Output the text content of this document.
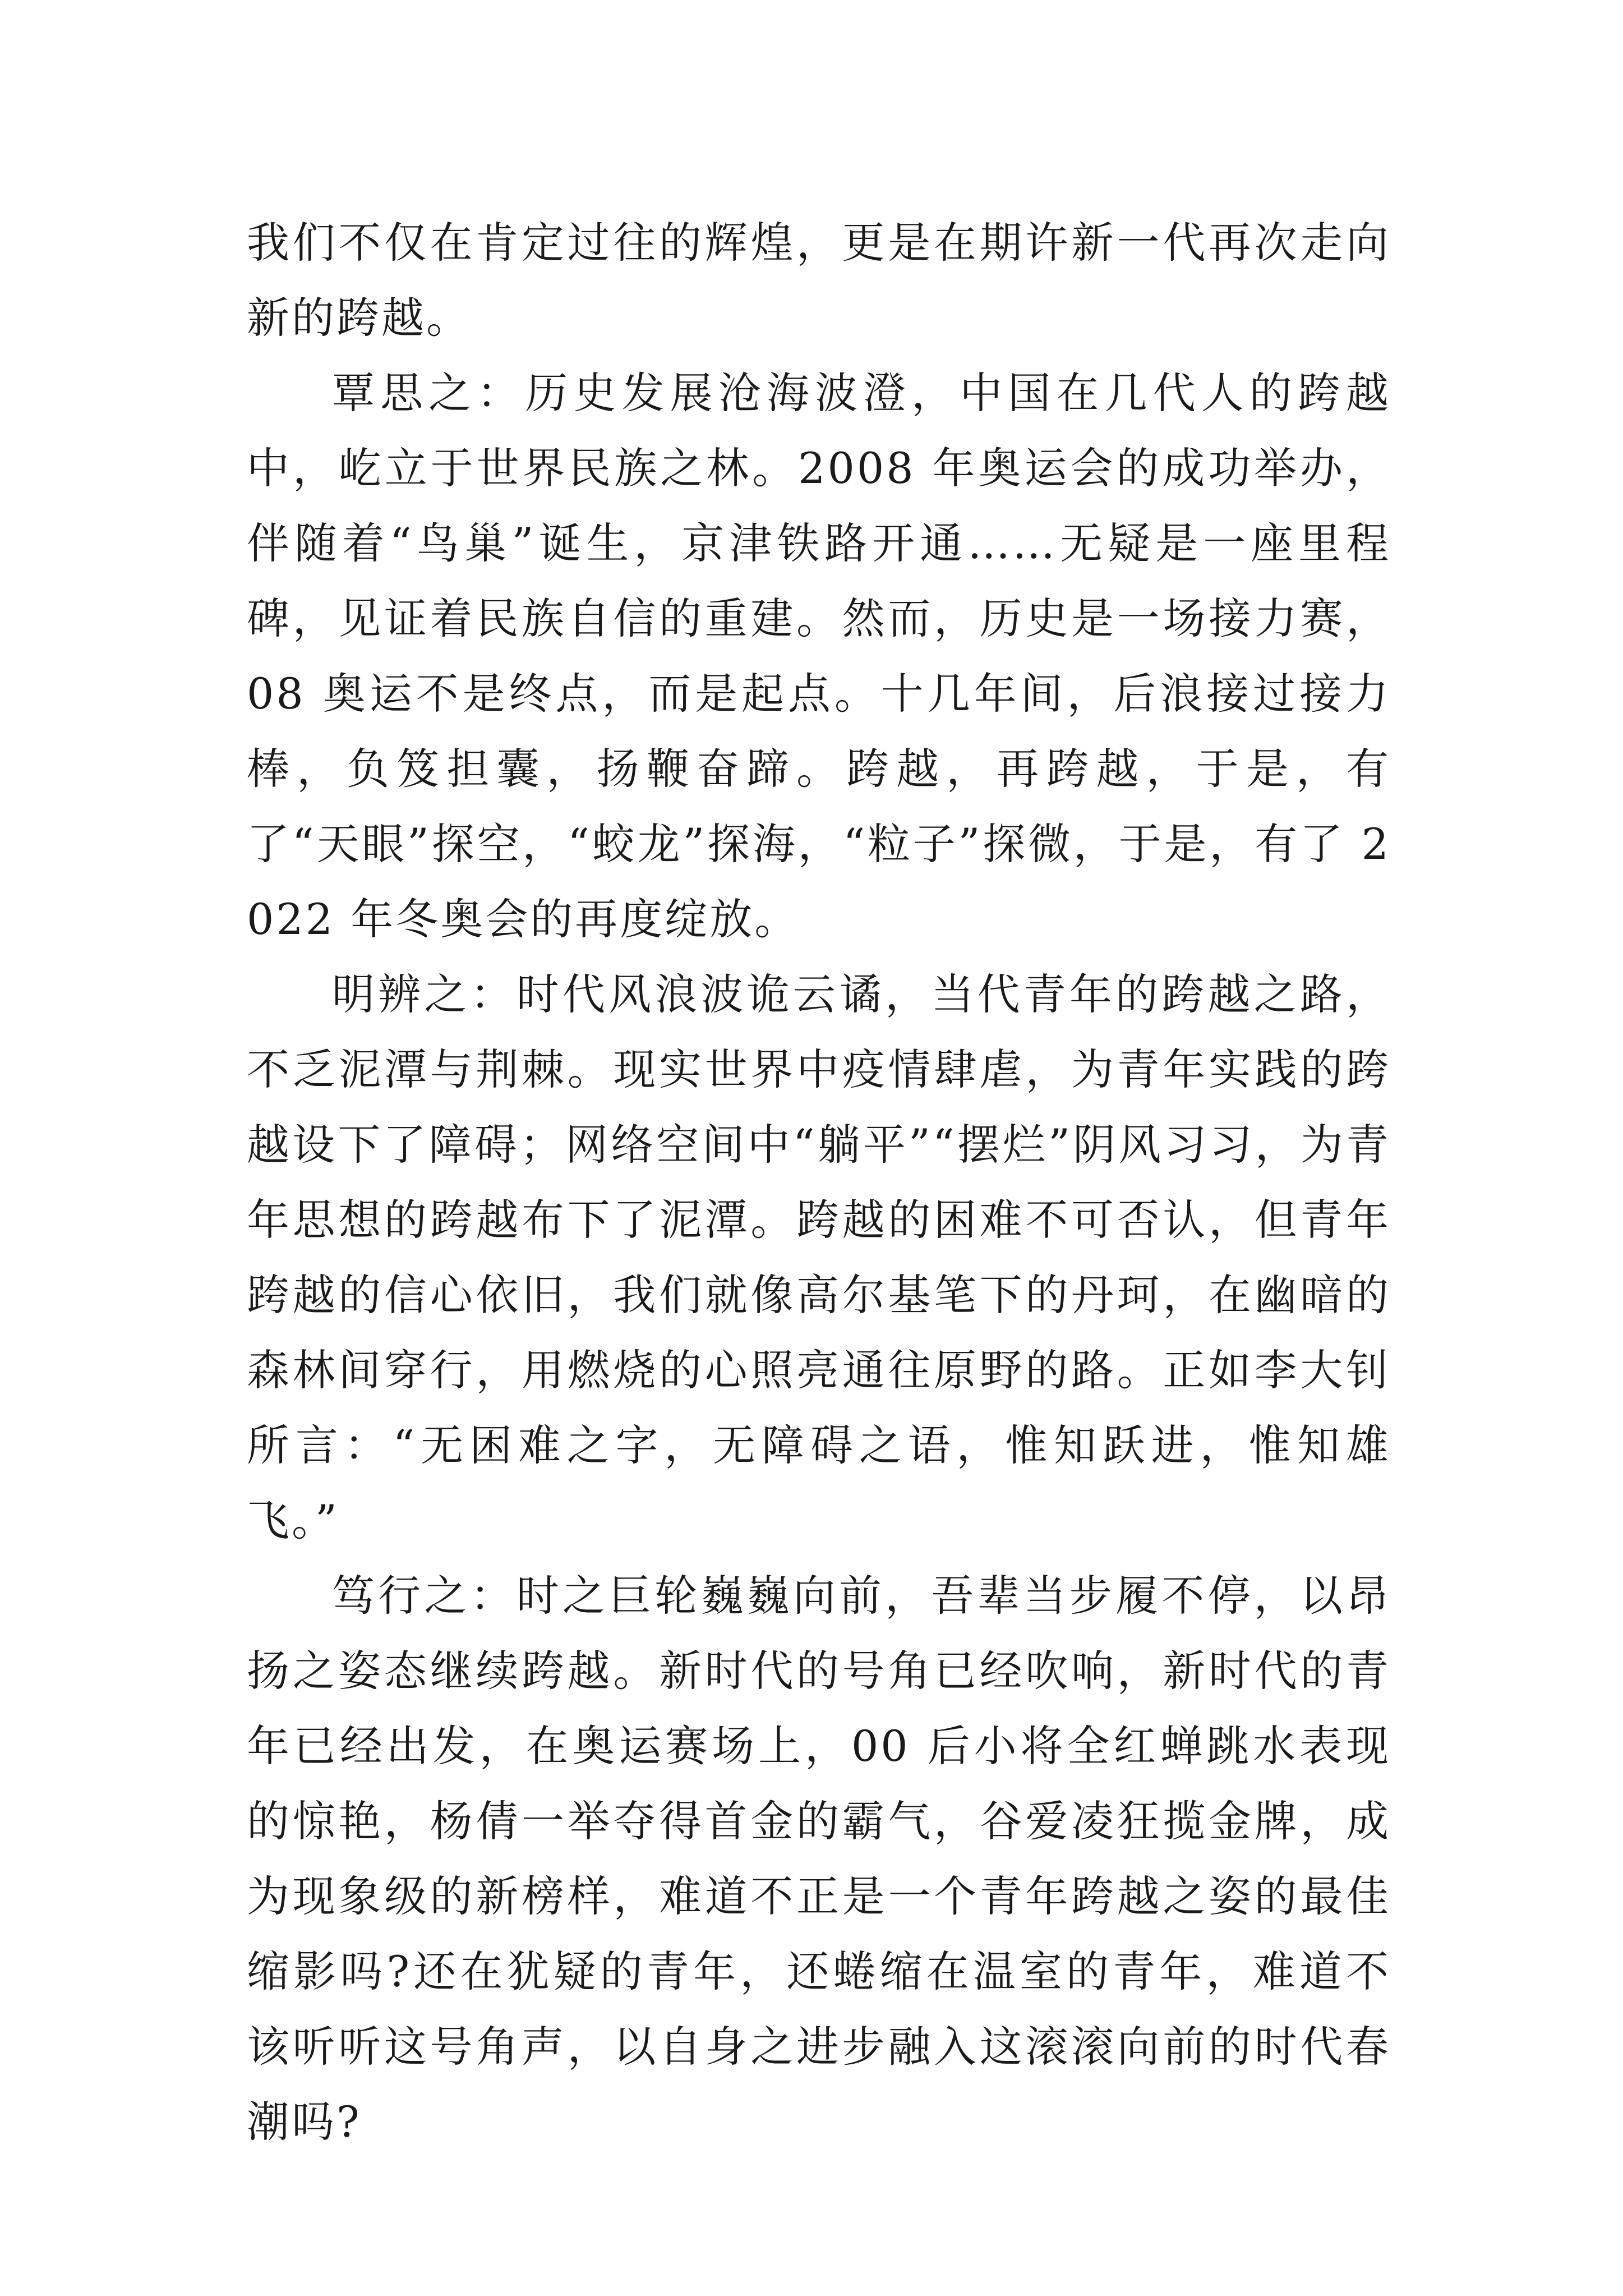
我们不仅在肯定过往的辉煌，更是在期许新一代再次走向新的跨越。

覃思之：历史发展沧海波澄，中国在几代人的跨越中，屹立于世界民族之林。2008 年奥运会的成功举办，伴随着“鸟巢”诞生，京津铁路开通……无疑是一座里程碑，见证着民族自信的重建。然而，历史是一场接力赛，08 奥运不是终点，而是起点。十几年间，后浪接过接力棒，负笈担囊，扬鞭奋蹄。跨越，再跨越，于是，有了“天眼”探空，“蛟龙”探海，“粒子”探微，于是，有了 2022 年冬奥会的再度绽放。

明辨之：时代风浪波诡云谲，当代青年的跨越之路，不乏泥潭与荆棘。现实世界中疫情肆虐，为青年实践的跨越设下了障碍；网络空间中“躺平”“摆烂”阴风习习，为青年思想的跨越布下了泥潭。跨越的困难不可否认，但青年跨越的信心依旧，我们就像高尔基笔下的丹珂，在幽暗的森林间穿行，用燃烧的心照亮通往原野的路。正如李大钊所言：“无困难之字，无障碍之语，惟知跃进，惟知雄飞。”

笃行之：时之巨轮巍巍向前，吾辈当步履不停，以昂扬之姿态继续跨越。新时代的号角已经吹响，新时代的青年已经出发，在奥运赛场上，00 后小将全红蝉跳水表现的惊艳，杨倩一举夺得首金的霸气，谷爱凌狂揽金牌，成为现象级的新榜样，难道不正是一个青年跨越之姿的最佳缩影吗?还在犹疑的青年，还蜷缩在温室的青年，难道不该听听这号角声，以自身之进步融入这滚滚向前的时代春潮吗?
